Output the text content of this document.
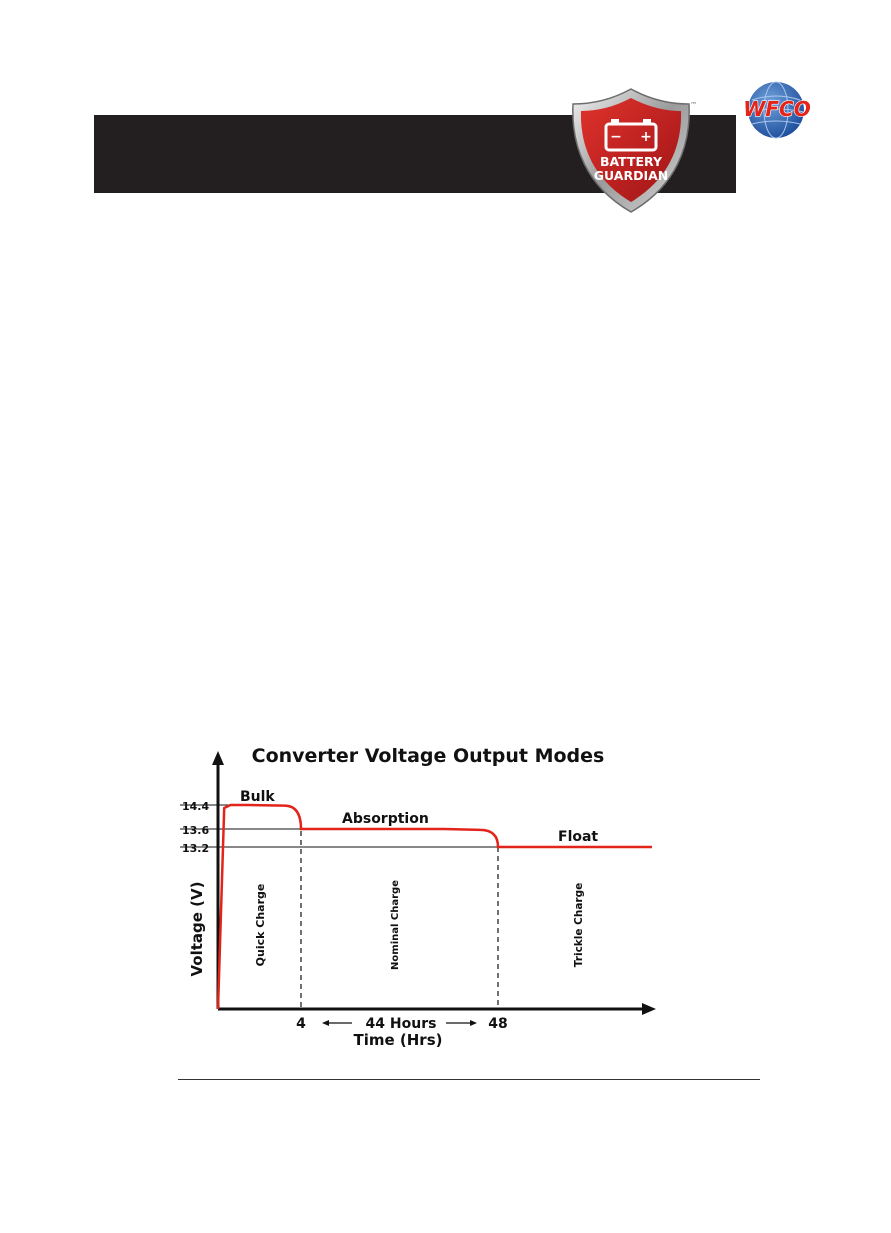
− +
BATTERY
GUARDIAN
™ WFCO
Converter Voltage Output Modes
14.4
13.6
13.2
Bulk
Absorption
Float
Quick Charge	Nominal Charge	Trickle Charge
Voltage (V)
4	48
44 Hours
Time (Hrs)
